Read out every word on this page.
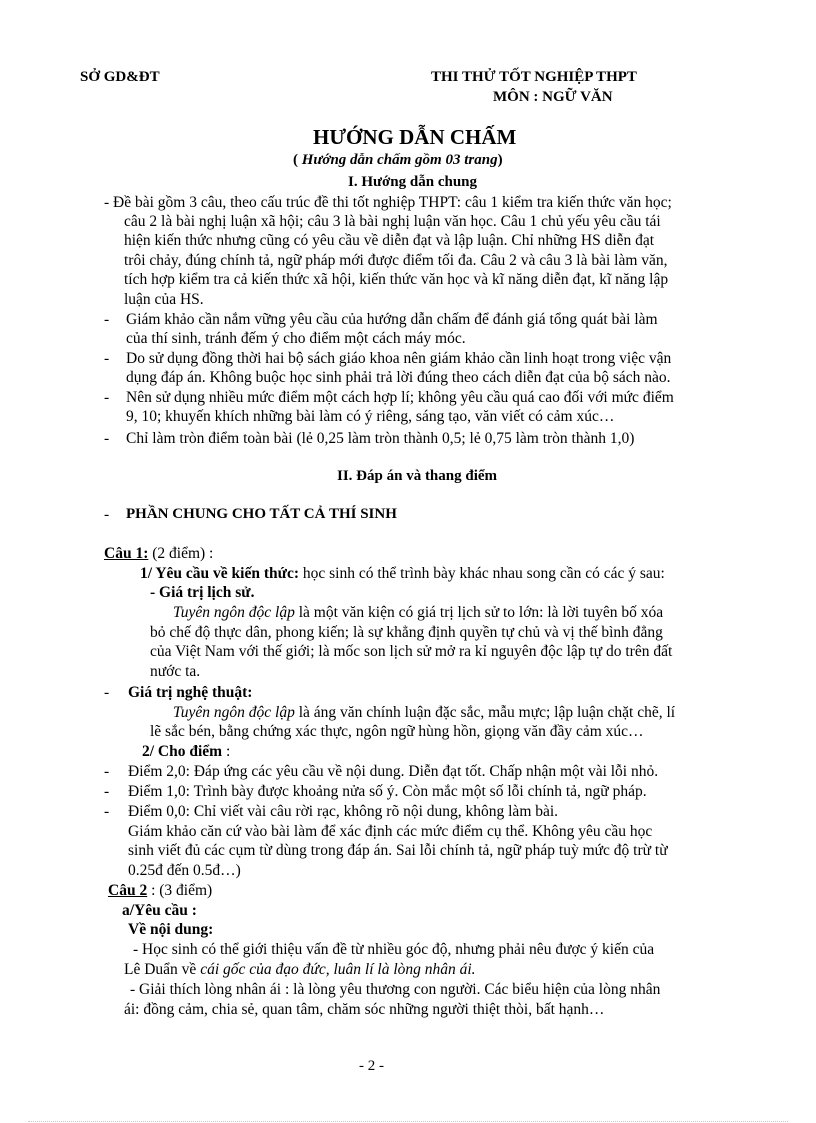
SỞ GD&ĐT	THI THỬ TỐT NGHIỆP THPT
MÔN : NGỮ VĂN
HƯỚNG DẪN CHẤM
( Hướng dẫn chấm gồm 03 trang)
I. Hướng dẫn chung
- Đề bài gồm 3 câu, theo cấu trúc đề thi tốt nghiệp THPT: câu 1 kiểm tra kiến thức văn học;
câu 2 là bài nghị luận xã hội; câu 3 là bài nghị luận văn học. Câu 1 chủ yếu yêu cầu tái
hiện kiến thức nhưng cũng có yêu cầu về diễn đạt và lập luận. Chỉ những HS diễn đạt
trôi chảy, đúng chính tả, ngữ pháp mới được điểm tối đa. Câu 2 và câu 3 là bài làm văn,
tích hợp kiểm tra cả kiến thức xã hội, kiến thức văn học và kĩ năng diễn đạt, kĩ năng lập
luận của HS.
- Giám khảo cần nắm vững yêu cầu của hướng dẫn chấm để đánh giá tổng quát bài làm
của thí sinh, tránh đếm ý cho điểm một cách máy móc.
- Do sử dụng đồng thời hai bộ sách giáo khoa nên giám khảo cần linh hoạt trong việc vận
dụng đáp án. Không buộc học sinh phải trả lời đúng theo cách diễn đạt của bộ sách nào.
- Nên sử dụng nhiều mức điểm một cách hợp lí; không yêu cầu quá cao đối với mức điểm
9, 10; khuyến khích những bài làm có ý riêng, sáng tạo, văn viết có cảm xúc…
- Chỉ làm tròn điểm toàn bài (lẻ 0,25 làm tròn thành 0,5; lẻ 0,75 làm tròn thành 1,0)
II. Đáp án và thang điểm
- PHẦN CHUNG CHO TẤT CẢ THÍ SINH
Câu 1: (2 điểm) :
1/ Yêu cầu về kiến thức: học sinh có thể trình bày khác nhau song cần có các ý sau:
- Giá trị lịch sử.
Tuyên ngôn độc lập là một văn kiện có giá trị lịch sử to lớn: là lời tuyên bố xóa
bỏ chế độ thực dân, phong kiến; là sự khẳng định quyền tự chủ và vị thế bình đẳng
của Việt Nam với thế giới; là mốc son lịch sử mở ra kỉ nguyên độc lập tự do trên đất
nước ta.
- Giá trị nghệ thuật:
Tuyên ngôn độc lập là áng văn chính luận đặc sắc, mẫu mực; lập luận chặt chẽ, lí
lẽ sắc bén, bằng chứng xác thực, ngôn ngữ hùng hồn, giọng văn đầy cảm xúc…
2/ Cho điểm :
- Điểm 2,0: Đáp ứng các yêu cầu về nội dung. Diễn đạt tốt. Chấp nhận một vài lỗi nhỏ.
- Điểm 1,0: Trình bày được khoảng nửa số ý. Còn mắc một số lỗi chính tả, ngữ pháp.
- Điểm 0,0: Chỉ viết vài câu rời rạc, không rõ nội dung, không làm bài.
Giám khảo căn cứ vào bài làm để xác định các mức điểm cụ thể. Không yêu cầu học
sinh viết đủ các cụm từ dùng trong đáp án. Sai lỗi chính tả, ngữ pháp tuỳ mức độ trừ từ
0.25đ đến 0.5đ…)
Câu 2 : (3 điểm)
a/Yêu cầu :
Về nội dung:
- Học sinh có thể giới thiệu vấn đề từ nhiều góc độ, nhưng phải nêu được ý kiến của
Lê Duẩn về cái gốc của đạo đức, luân lí là lòng nhân ái.
- Giải thích lòng nhân ái : là lòng yêu thương con người. Các biểu hiện của lòng nhân
ái: đồng cảm, chia sẻ, quan tâm, chăm sóc những người thiệt thòi, bất hạnh…
- 2 -
